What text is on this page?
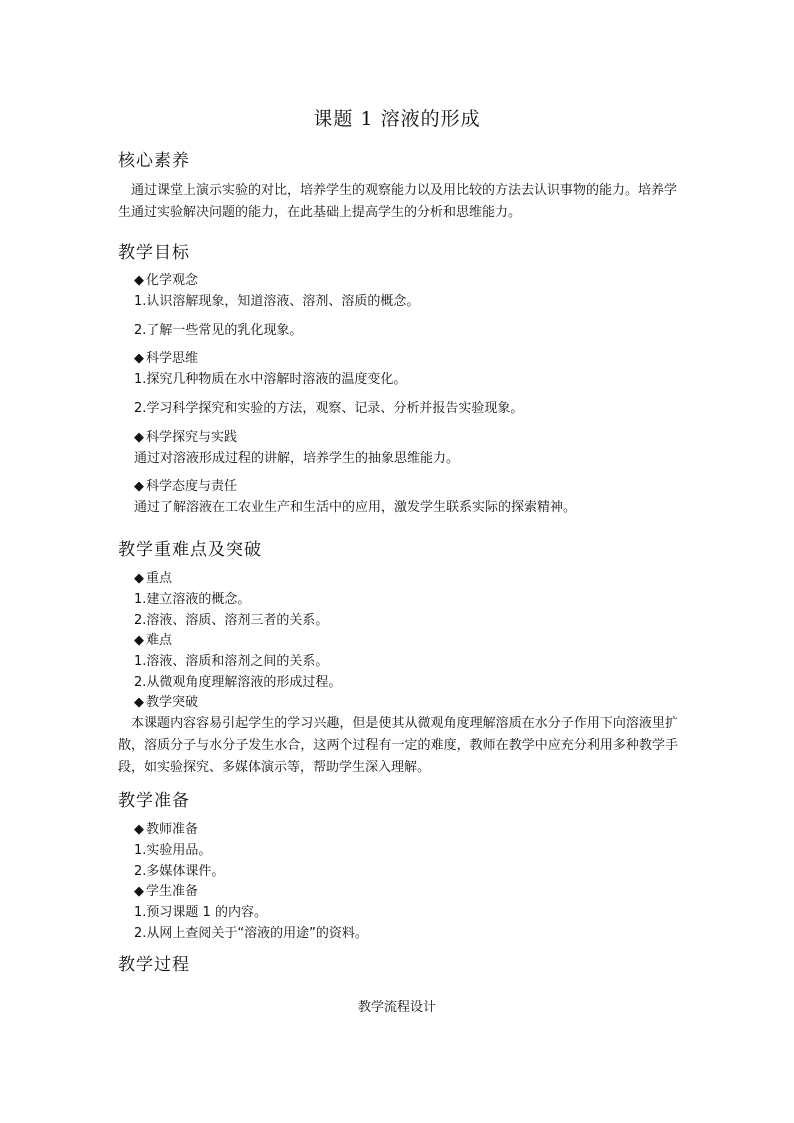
课题 1 溶液的形成
核心素养
通过课堂上演示实验的对比，培养学生的观察能力以及用比较的方法去认识事物的能力。培养学生通过实验解决问题的能力，在此基础上提高学生的分析和思维能力。
教学目标
◆ 化学观念
1.认识溶解现象，知道溶液、溶剂、溶质的概念。
2.了解一些常见的乳化现象。
◆ 科学思维
1.探究几种物质在水中溶解时溶液的温度变化。
2.学习科学探究和实验的方法，观察、记录、分析并报告实验现象。
◆ 科学探究与实践
通过对溶液形成过程的讲解，培养学生的抽象思维能力。
◆ 科学态度与责任
通过了解溶液在工农业生产和生活中的应用，激发学生联系实际的探索精神。
教学重难点及突破
◆ 重点
1.建立溶液的概念。
2.溶液、溶质、溶剂三者的关系。
◆ 难点
1.溶液、溶质和溶剂之间的关系。
2.从微观角度理解溶液的形成过程。
◆ 教学突破
本课题内容容易引起学生的学习兴趣，但是使其从微观角度理解溶质在水分子作用下向溶液里扩散，溶质分子与水分子发生水合，这两个过程有一定的难度，教师在教学中应充分利用多种教学手段，如实验探究、多媒体演示等，帮助学生深入理解。
教学准备
◆ 教师准备
1.实验用品。
2.多媒体课件。
◆ 学生准备
1.预习课题 1 的内容。
2.从网上查阅关于“溶液的用途”的资料。
教学过程
教学流程设计
